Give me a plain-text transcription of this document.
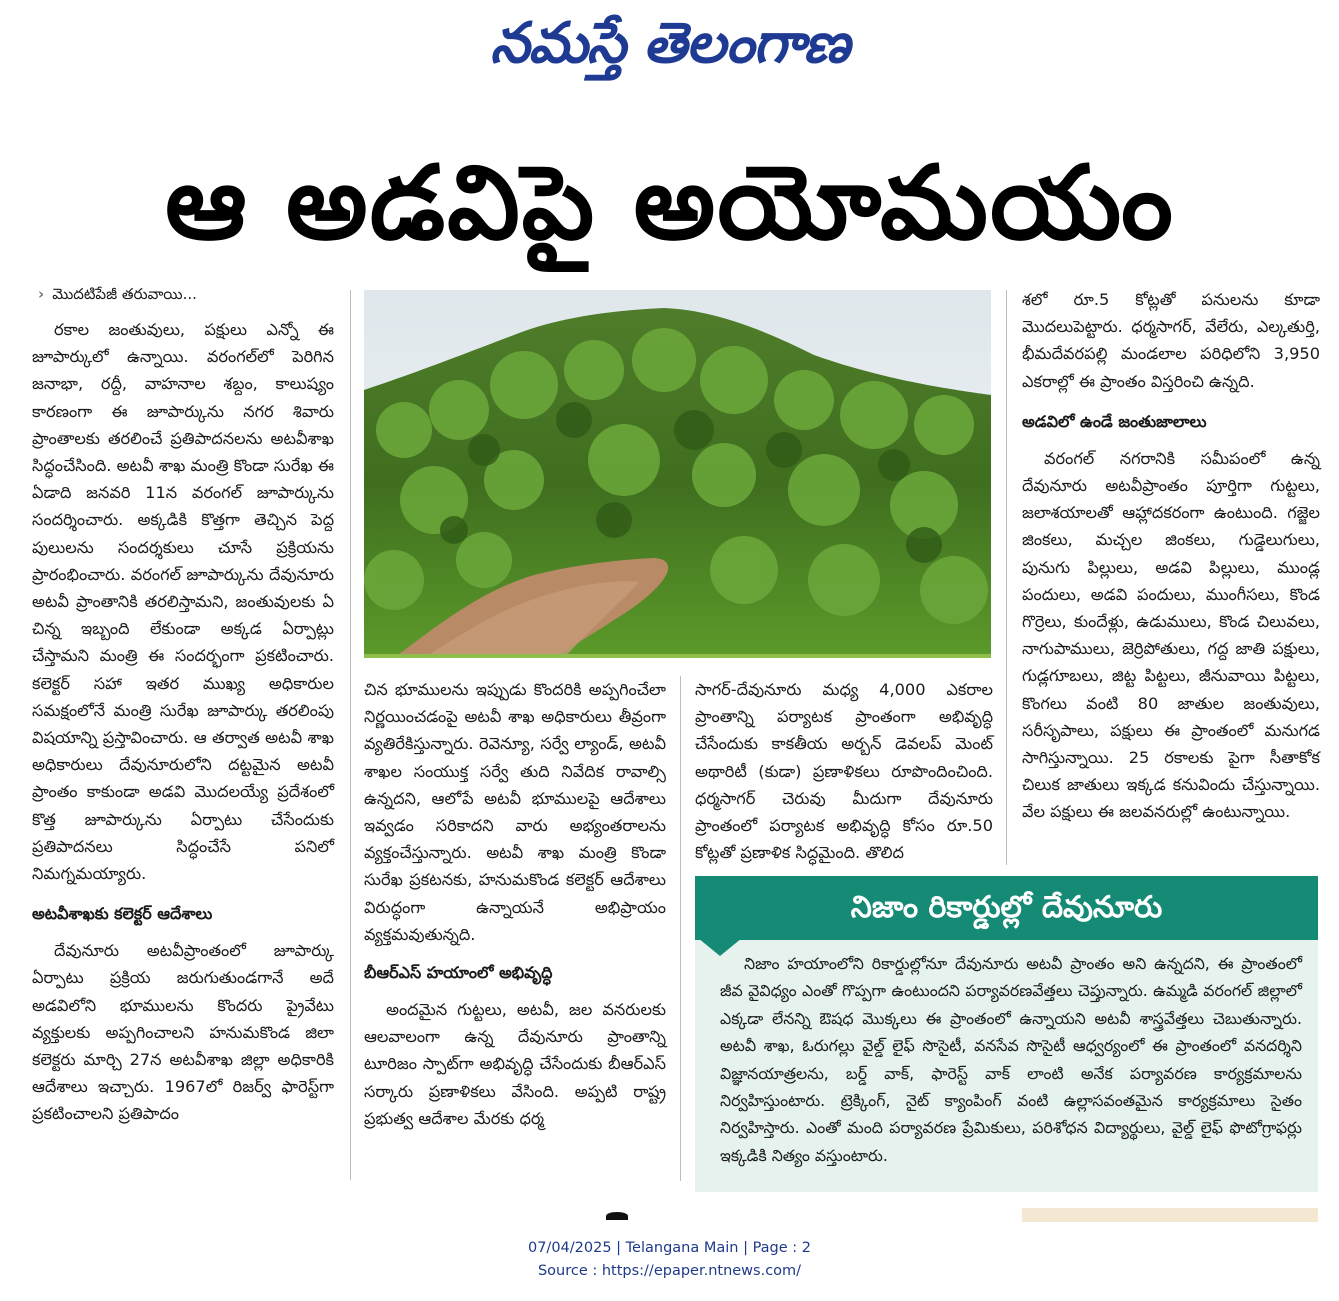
నమస్తే తెలంగాణ
ఆ అడవిపై అయోమయం
› మొదటిపేజీ తరువాయి...

రకాల జంతువులు, పక్షులు ఎన్నో ఈ జూపార్కులో ఉన్నాయి. వరంగల్‌లో పెరిగిన జనాభా, రద్దీ, వాహనాల శబ్దం, కాలుష్యం కారణంగా ఈ జూపార్కును నగర శివారు ప్రాంతాలకు తరలించే ప్రతిపాదనలను అటవీశాఖ సిద్ధంచేసింది. అటవీ శాఖ మంత్రి కొండా సురేఖ ఈ ఏడాది జనవరి 11న వరంగల్ జూపార్కును సందర్శించారు. అక్కడికి కొత్తగా తెచ్చిన పెద్ద పులులను సందర్శకులు చూసే ప్రక్రియను ప్రారంభించారు. వరంగల్ జూపార్కును దేవునూరు అటవీ ప్రాంతానికి తరలిస్తామని, జంతువులకు ఏ చిన్న ఇబ్బంది లేకుండా అక్కడ ఏర్పాట్లు చేస్తామని మంత్రి ఈ సందర్భంగా ప్రకటించారు. కలెక్టర్ సహా ఇతర ముఖ్య అధికారుల సమక్షంలోనే మంత్రి సురేఖ జూపార్కు తరలింపు విషయాన్ని ప్రస్తావించారు. ఆ తర్వాత అటవీ శాఖ అధికారులు దేవునూరులోని దట్టమైన అటవీ ప్రాంతం కాకుండా అడవి మొదలయ్యే ప్రదేశంలో కొత్త జూపార్కును ఏర్పాటు చేసేందుకు ప్రతిపాదనలు సిద్ధంచేసే పనిలో నిమగ్నమయ్యారు.

అటవీశాఖకు కలెక్టర్ ఆదేశాలు

దేవునూరు అటవీప్రాంతంలో జూపార్కు ఏర్పాటు ప్రక్రియ జరుగుతుండగానే అదే అడవిలోని భూములను కొందరు ప్రైవేటు వ్యక్తులకు అప్పగించాలని హనుమకొండ జిలా కలెక్టరు మార్చి 27న అటవీశాఖ జిల్లా అధికారికి ఆదేశాలు ఇచ్చారు. 1967లో రిజర్వ్ ఫారెస్ట్‌గా ప్రకటించాలని ప్రతిపాదం

చిన భూములను ఇప్పుడు కొందరికి అప్పగించేలా నిర్ణయించడంపై అటవీ శాఖ అధికారులు తీవ్రంగా వ్యతిరేకిస్తున్నారు. రెవెన్యూ, సర్వే ల్యాండ్, అటవీ శాఖల సంయుక్త సర్వే తుది నివేదిక రావాల్సి ఉన్నదని, ఆలోపే అటవీ భూములపై ఆదేశాలు ఇవ్వడం సరికాదని వారు అభ్యంతరాలను వ్యక్తంచేస్తున్నారు. అటవీ శాఖ మంత్రి కొండా సురేఖ ప్రకటనకు, హనుమకొండ కలెక్టర్ ఆదేశాలు విరుద్ధంగా ఉన్నాయనే అభిప్రాయం వ్యక్తమవుతున్నది.

బీఆర్‌ఎస్ హయాంలో అభివృద్ధి

అందమైన గుట్టలు, అటవీ, జల వనరులకు ఆలవాలంగా ఉన్న దేవునూరు ప్రాంతాన్ని టూరిజం స్పాట్‌గా అభివృద్ధి చేసేందుకు బీఆర్‌ఎస్ సర్కారు ప్రణాళికలు వేసింది. అప్పటి రాష్ట్ర ప్రభుత్వ ఆదేశాల మేరకు ధర్మ

సాగర్-దేవునూరు మధ్య 4,000 ఎకరాల ప్రాంతాన్ని పర్యాటక ప్రాంతంగా అభివృద్ధి చేసేందుకు కాకతీయ అర్బన్ డెవలప్ మెంట్ అథారిటీ (కుడా) ప్రణాళికలు రూపొందించింది. ధర్మసాగర్ చెరువు మీదుగా దేవునూరు ప్రాంతంలో పర్యాటక అభివృద్ధి కోసం రూ.50 కోట్లతో ప్రణాళిక సిద్ధమైంది. తొలిద

శలో రూ.5 కోట్లతో పనులను కూడా మొదలుపెట్టారు. ధర్మసాగర్, వేలేరు, ఎల్కతుర్తి, భీమదేవరపల్లి మండలాల పరిధిలోని 3,950 ఎకరాల్లో ఈ ప్రాంతం విస్తరించి ఉన్నది.

అడవిలో ఉండే జంతుజాలాలు

వరంగల్ నగరానికి సమీపంలో ఉన్న దేవునూరు అటవీప్రాంతం పూర్తిగా గుట్టలు, జలాశయాలతో ఆహ్లాదకరంగా ఉంటుంది. గజ్జెల జింకలు, మచ్చల జింకలు, గుడ్డెలుగులు, పునుగు పిల్లులు, అడవి పిల్లులు, ముండ్ల పందులు, అడవి పందులు, ముంగీసలు, కొండ గొర్రెలు, కుందేళ్లు, ఉడుములు, కొండ చిలువలు, నాగుపాములు, జెర్రిపోతులు, గద్ద జాతి పక్షులు, గుడ్లగూబలు, జిట్ట పిట్టలు, జీనువాయి పిట్టలు, కొంగలు వంటి 80 జాతుల జంతువులు, సరీసృపాలు, పక్షులు ఈ ప్రాంతంలో మనుగడ సాగిస్తున్నాయి. 25 రకాలకు పైగా సీతాకోక చిలుక జాతులు ఇక్కడ కనువిందు చేస్తున్నాయి. వేల పక్షులు ఈ జలవనరుల్లో ఉంటున్నాయి.

నిజాం రికార్డుల్లో దేవునూరు

నిజాం హయాంలోని రికార్డుల్లోనూ దేవునూరు అటవీ ప్రాంతం అని ఉన్నదని, ఈ ప్రాంతంలో జీవ వైవిధ్యం ఎంతో గొప్పగా ఉంటుందని పర్యావరణవేత్తలు చెప్తున్నారు. ఉమ్మడి వరంగల్ జిల్లాలో ఎక్కడా లేనన్ని ఔషధ మొక్కలు ఈ ప్రాంతంలో ఉన్నాయని అటవీ శాస్త్రవేత్తలు చెబుతున్నారు. అటవీ శాఖ, ఓరుగల్లు వైల్డ్ లైఫ్ సొసైటీ, వనసేవ సొసైటీ ఆధ్వర్యంలో ఈ ప్రాంతంలో వనదర్శిని విజ్ఞానయాత్రలను, బర్డ్ వాక్, ఫారెస్ట్ వాక్ లాంటి అనేక పర్యావరణ కార్యక్రమాలను నిర్వహిస్తుంటారు. ట్రెక్కింగ్, నైట్ క్యాంపింగ్ వంటి ఉల్లాసవంతమైన కార్యక్రమాలు సైతం నిర్వహిస్తారు. ఎంతో మంది పర్యావరణ ప్రేమికులు, పరిశోధన విద్యార్థులు, వైల్డ్ లైఫ్ ఫొటోగ్రాఫర్లు ఇక్కడికి నిత్యం వస్తుంటారు.

07/04/2025 | Telangana Main | Page : 2
Source : https://epaper.ntnews.com/
